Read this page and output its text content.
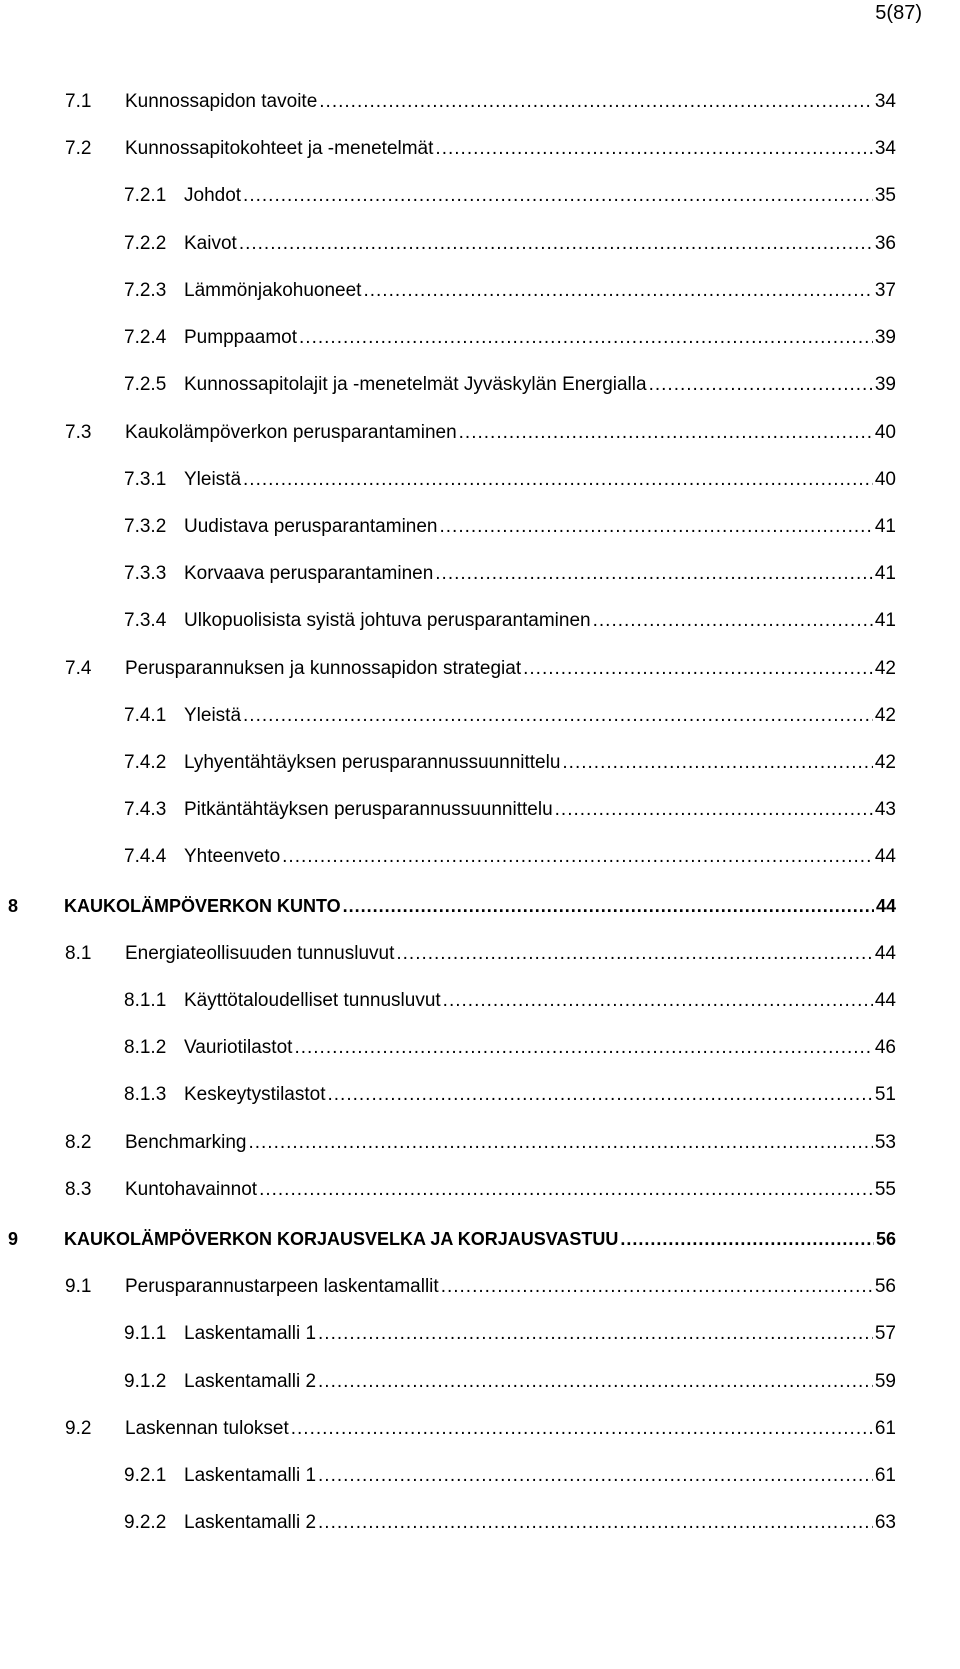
5(87)
7.1	Kunnossapidon tavoite .....	34
7.2	Kunnossapitokohteet ja -menetelmät .....	34
7.2.1 Johdot .....	35
7.2.2 Kaivot .....	36
7.2.3 Lämmönjakohuoneet .....	37
7.2.4 Pumppaamot .....	39
7.2.5 Kunnossapitolajit ja -menetelmät Jyväskylän Energialla .....	39
7.3	Kaukolämpöverkon perusparantaminen .....	40
7.3.1 Yleistä .....	40
7.3.2 Uudistava perusparantaminen .....	41
7.3.3 Korvaava perusparantaminen .....	41
7.3.4 Ulkopuolisista syistä johtuva perusparantaminen .....	41
7.4	Perusparannuksen ja kunnossapidon strategiat .....	42
7.4.1 Yleistä .....	42
7.4.2 Lyhyentähtäyksen perusparannussuunnittelu .....	42
7.4.3 Pitkäntähtäyksen perusparannussuunnittelu .....	43
7.4.4 Yhteenveto .....	44
8	KAUKOLÄMPÖVERKON KUNTO .....	44
8.1	Energiateollisuuden tunnusluvut .....	44
8.1.1 Käyttötaloudelliset tunnusluvut .....	44
8.1.2 Vauriotilastot .....	46
8.1.3 Keskeytystilastot .....	51
8.2	Benchmarking .....	53
8.3	Kuntohavainnot .....	55
9	KAUKOLÄMPÖVERKON KORJAUSVELKA JA KORJAUSVASTUU .....	56
9.1	Perusparannustarpeen laskentamallit .....	56
9.1.1 Laskentamalli 1 .....	57
9.1.2 Laskentamalli 2 .....	59
9.2	Laskennan tulokset .....	61
9.2.1 Laskentamalli 1 .....	61
9.2.2 Laskentamalli 2 .....	63
